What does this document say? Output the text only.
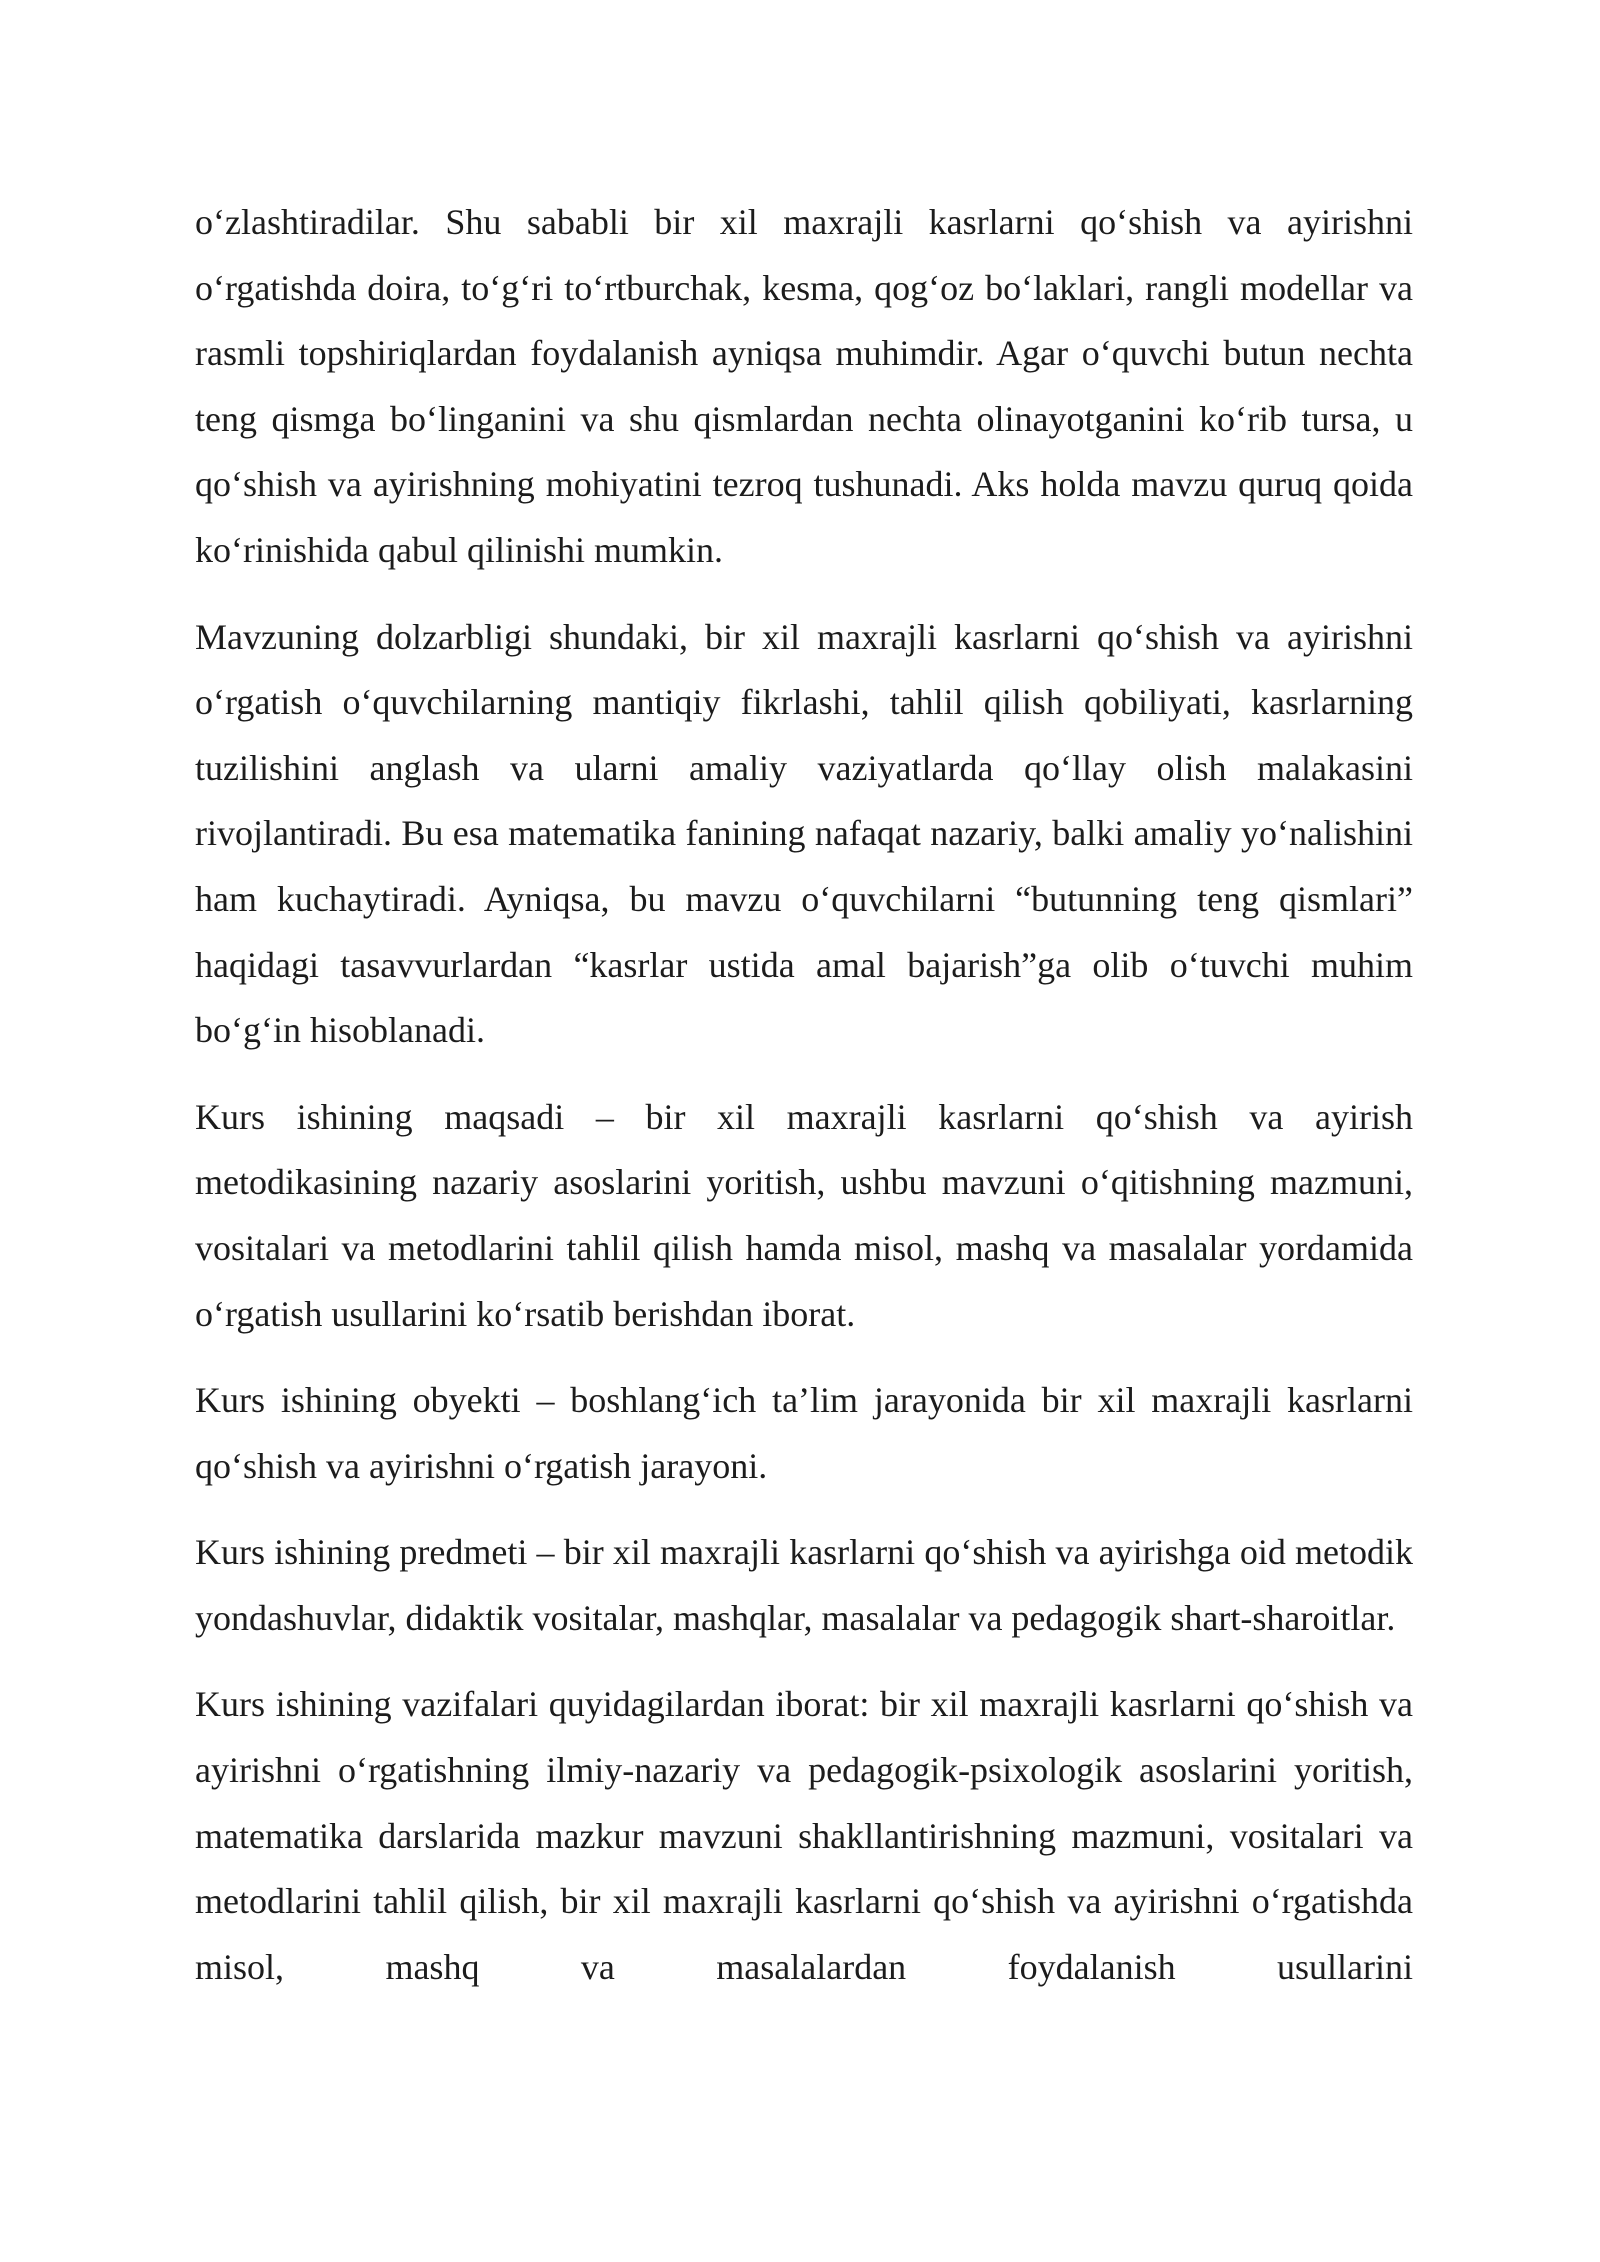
o‘zlashtiradilar. Shu sababli bir xil maxrajli kasrlarni qo‘shish va ayirishni o‘rgatishda doira, to‘g‘ri to‘rtburchak, kesma, qog‘oz bo‘laklari, rangli modellar va rasmli topshiriqlardan foydalanish ayniqsa muhimdir. Agar o‘quvchi butun nechta teng qismga bo‘linganini va shu qismlardan nechta olinayotganini ko‘rib tursa, u qo‘shish va ayirishning mohiyatini tezroq tushunadi. Aks holda mavzu quruq qoida ko‘rinishida qabul qilinishi mumkin.

Mavzuning dolzarbligi shundaki, bir xil maxrajli kasrlarni qo‘shish va ayirishni o‘rgatish o‘quvchilarning mantiqiy fikrlashi, tahlil qilish qobiliyati, kasrlarning tuzilishini anglash va ularni amaliy vaziyatlarda qo‘llay olish malakasini rivojlantiradi. Bu esa matematika fanining nafaqat nazariy, balki amaliy yo‘nalishini ham kuchaytiradi. Ayniqsa, bu mavzu o‘quvchilarni “butunning teng qismlari” haqidagi tasavvurlardan “kasrlar ustida amal bajarish”ga olib o‘tuvchi muhim bo‘g‘in hisoblanadi.

Kurs ishining maqsadi – bir xil maxrajli kasrlarni qo‘shish va ayirish metodikasining nazariy asoslarini yoritish, ushbu mavzuni o‘qitishning mazmuni, vositalari va metodlarini tahlil qilish hamda misol, mashq va masalalar yordamida o‘rgatish usullarini ko‘rsatib berishdan iborat.

Kurs ishining obyekti – boshlang‘ich ta’lim jarayonida bir xil maxrajli kasrlarni qo‘shish va ayirishni o‘rgatish jarayoni.

Kurs ishining predmeti – bir xil maxrajli kasrlarni qo‘shish va ayirishga oid metodik yondashuvlar, didaktik vositalar, mashqlar, masalalar va pedagogik shart-sharoitlar.

Kurs ishining vazifalari quyidagilardan iborat: bir xil maxrajli kasrlarni qo‘shish va ayirishni o‘rgatishning ilmiy-nazariy va pedagogik-psixologik asoslarini yoritish, matematika darslarida mazkur mavzuni shakllantirishning mazmuni, vositalari va metodlarini tahlil qilish, bir xil maxrajli kasrlarni qo‘shish va ayirishni o‘rgatishda misol, mashq va masalalardan foydalanish usullarini
